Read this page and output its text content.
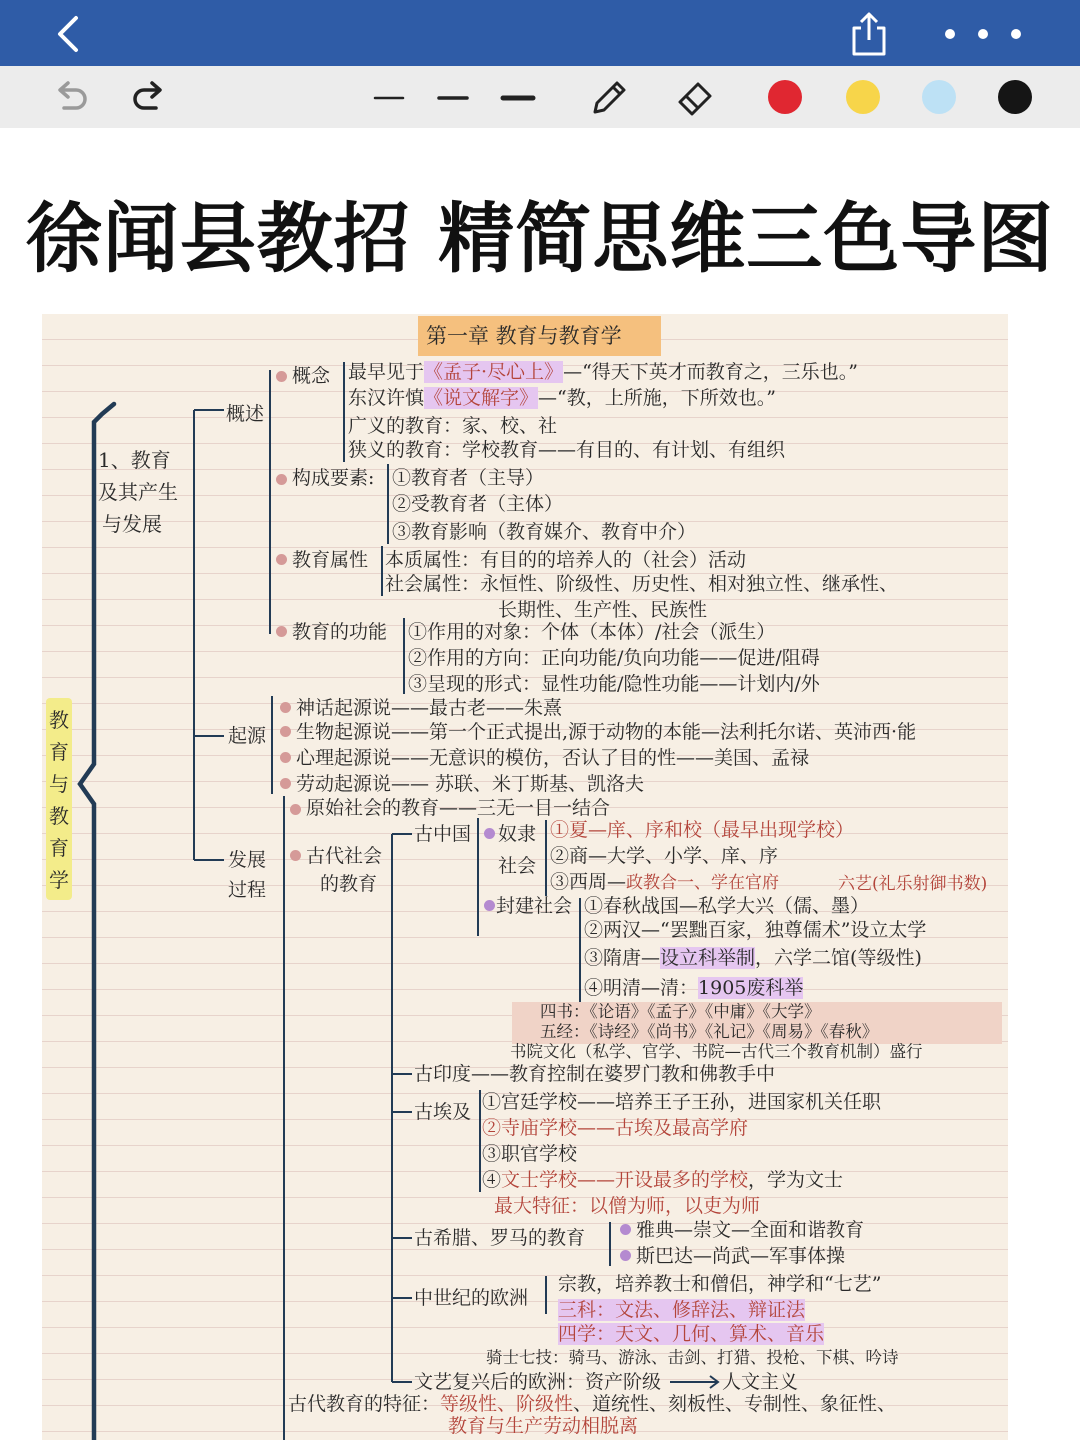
徐闻县教招 精简思维三色导图
第一章 教育与教育学
教
育
与
教
育
学
1、教育
及其产生
与发展
概述
概念 最早见于《孟子·尽心上》—“得天下英才而教育之，三乐也。”
东汉许慎《说文解字》—“教，上所施，下所效也。”
广义的教育：家、校、社
狭义的教育：学校教育——有目的、有计划、有组织
构成要素: ①教育者（主导）
②受教育者（主体）
③教育影响（教育媒介、教育中介）
教育属性 本质属性：有目的的培养人的（社会）活动
社会属性：永恒性、阶级性、历史性、相对独立性、继承性、
长期性、生产性、民族性
教育的功能 ①作用的对象：个体（本体）/社会（派生）
②作用的方向：正向功能/负向功能——促进/阻碍
③呈现的形式：显性功能/隐性功能——计划内/外
起源
神话起源说——最古老——朱熹
生物起源说——第一个正式提出,源于动物的本能—法利托尔诺、英沛西·能
心理起源说——无意识的模仿，否认了目的性——美国、孟禄
劳动起源说—— 苏联、米丁斯基、凯洛夫
发展
过程
原始社会的教育——三无一目一结合
古代社会
的教育
古中国 奴隶
社会
①夏—庠、序和校（最早出现学校）
②商—大学、小学、庠、序
③西周—政教合一、学在官府	六艺(礼乐射御书数)
封建社会 ①春秋战国—私学大兴（儒、墨）
②两汉—“罢黜百家，独尊儒术”设立太学
③隋唐—设立科举制，六学二馆(等级性)
④明清—清：1905废科举
四书：《论语》《孟子》《中庸》《大学》
五经：《诗经》《尚书》《礼记》《周易》《春秋》
书院文化（私学、官学、书院—古代三个教育机制）盛行
古印度——教育控制在婆罗门教和佛教手中
古埃及 ①宫廷学校——培养王子王孙，进国家机关任职
②寺庙学校——古埃及最高学府
③职官学校
④文士学校——开设最多的学校，学为文士
最大特征：以僧为师，以吏为师
古希腊、罗马的教育	雅典—崇文—全面和谐教育
斯巴达—尚武—军事体操
中世纪的欧洲
宗教，培养教士和僧侣，神学和“七艺”
三科：文法、修辞法、辩证法
四学：天文、几何、算术、音乐
骑士七技：骑马、游泳、击剑、打猎、投枪、下棋、吟诗
文艺复兴后的欧洲：资产阶级	人文主义
古代教育的特征：等级性、阶级性、道统性、刻板性、专制性、象征性、
教育与生产劳动相脱离
